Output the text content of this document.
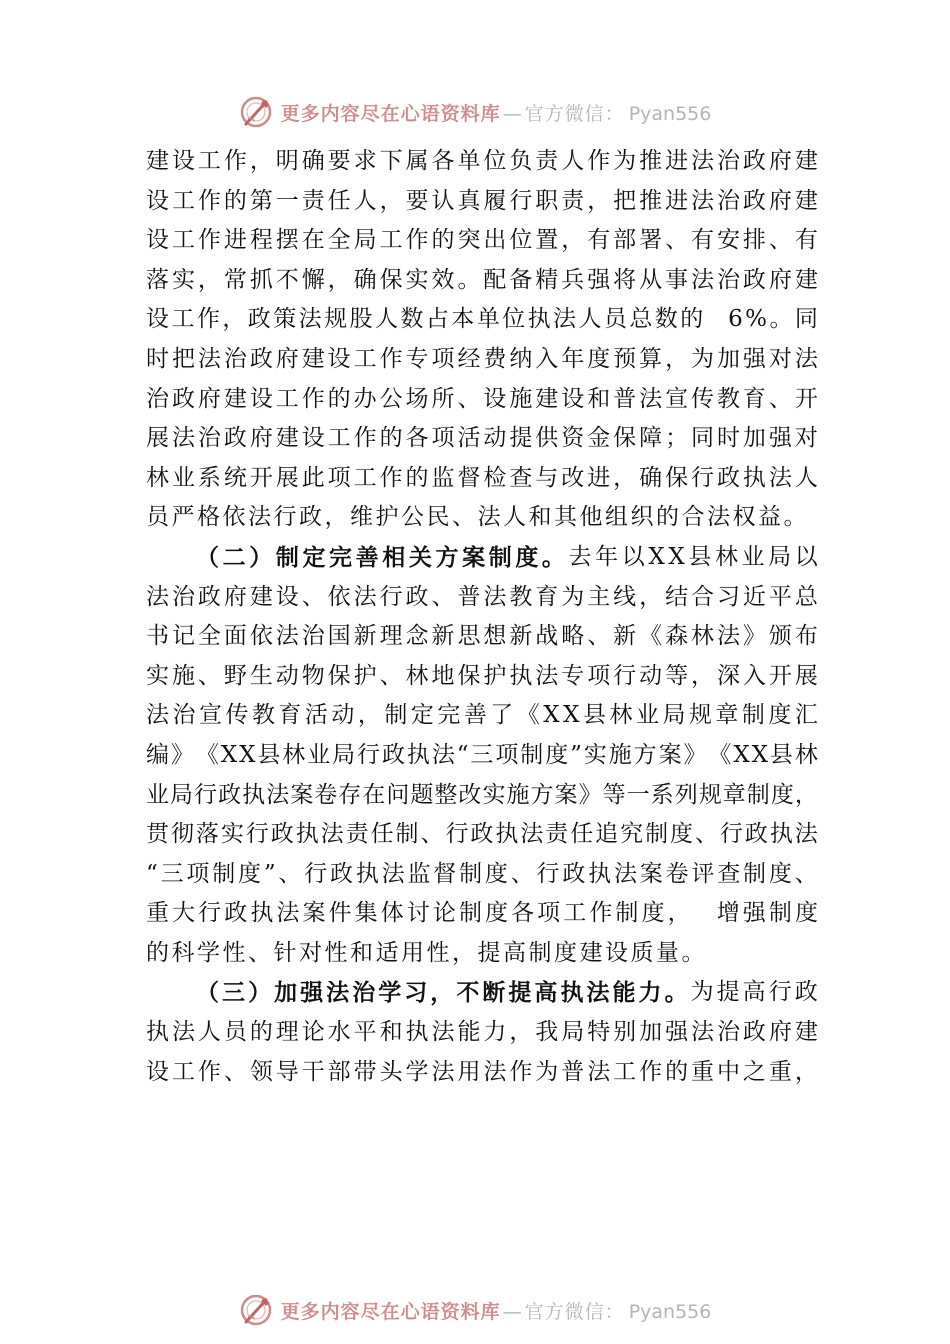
更多内容尽在心语资料库 — 官方微信： Pyan556
建 设 工 作 ， 明 确 要 求 下 属 各 单 位 负 责 人 作 为 推 进 法 治 政 府 建
设 工 作 的 第 一 责 任 人 ， 要 认 真 履 行 职 责 ， 把 推 进 法 治 政 府 建
设 工 作 进 程 摆 在 全 局 工 作 的 突 出 位 置 ， 有 部 署 、 有 安 排 、 有
落 实 ， 常 抓 不 懈 ， 确 保 实 效 。 配 备 精 兵 强 将 从 事 法 治 政 府 建
设 工 作 ， 政 策 法 规 股 人 数 占 本 单 位 执 法 人 员 总 数 的
6 % 。 同
时 把 法 治 政 府 建 设 工 作 专 项 经 费 纳 入 年 度 预 算 ， 为 加 强 对 法
治 政 府 建 设 工 作 的 办 公 场 所 、 设 施 建 设 和 普 法 宣 传 教 育 、 开
展 法 治 政 府 建 设 工 作 的 各 项 活 动 提 供 资 金 保 障 ； 同 时 加 强 对
林 业 系 统 开 展 此 项 工 作 的 监 督 检 查 与 改 进 ， 确 保 行 政 执 法 人
员 严 格 依 法 行 政 ， 维 护 公 民 、 法 人 和 其 他 组 织 的 合 法 权 益 。
（ 二 ） 制 定 完 善 相 关 方 案 制 度 。 去 年 以 X X 县 林 业 局 以
法 治 政 府 建 设 、 依 法 行 政 、 普 法 教 育 为 主 线 ， 结 合 习 近 平 总
书 记 全 面 依 法 治 国 新 理 念 新 思 想 新 战 略 、 新 《 森 林 法 》 颁 布
实 施 、 野 生 动 物 保 护 、 林 地 保 护 执 法 专 项 行 动 等 ， 深 入 开 展
法 治 宣 传 教 育 活 动 ， 制 定 完 善 了 《 X X 县 林 业 局 规 章 制 度 汇
编 》 《 X X 县 林 业 局 行 政 执 法 “ 三 项 制 度 ” 实 施 方 案 》 《 X X 县 林
业 局 行 政 执 法 案 卷 存 在 问 题 整 改 实 施 方 案 》 等 一 系 列 规 章 制 度 ，
贯 彻 落 实 行 政 执 法 责 任 制 、 行 政 执 法 责 任 追 究 制 度 、 行 政 执 法
“ 三 项 制 度 ” 、 行 政 执 法 监 督 制 度 、 行 政 执 法 案 卷 评 查 制 度 、
重 大 行 政 执 法 案 件 集 体 讨 论 制 度 各 项 工 作 制 度 ，
增 强 制 度
的 科 学 性 、 针 对 性 和 适 用 性 ， 提 高 制 度 建 设 质 量 。
（ 三 ） 加 强 法 治 学 习 ， 不 断 提 高 执 法 能 力 。 为 提 高 行 政
执 法 人 员 的 理 论 水 平 和 执 法 能 力 ， 我 局 特 别 加 强 法 治 政 府 建
设 工 作 、 领 导 干 部 带 头 学 法 用 法 作 为 普 法 工 作 的 重 中 之 重 ，
更多内容尽在心语资料库 — 官方微信： Pyan556
